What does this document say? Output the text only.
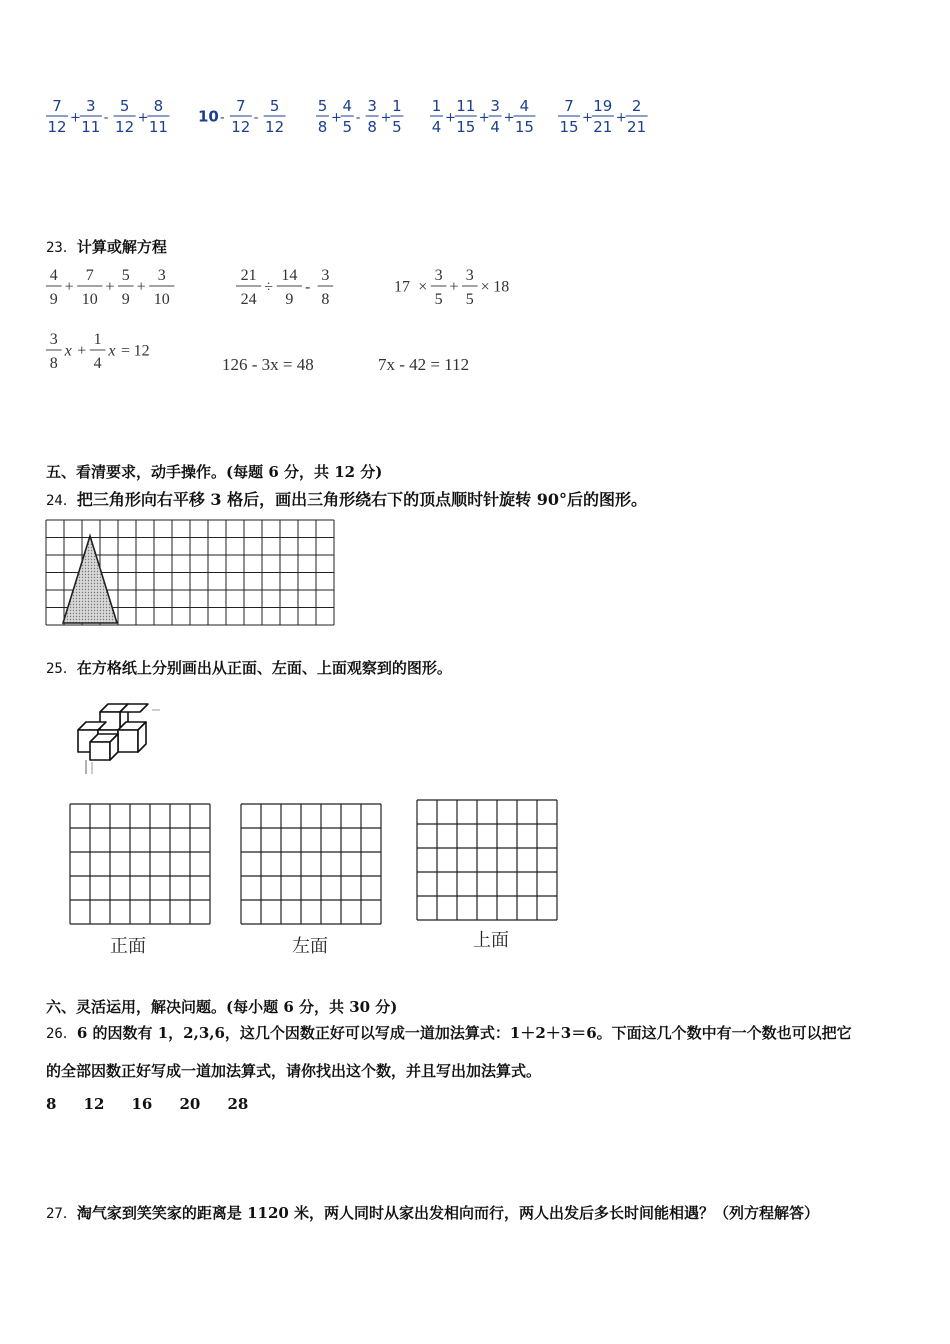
7
12
+
3
11
-
5
12
+
8
11
10 -
7
12
-
5
12
5
8
+
4
5
-
3
8
+
1
5
1
4
+
11
15
+
3
4
+
4
15
7
15
+
19
21
+
2
21
23．计算或解方程
4
9
+
7
10
+
5
9
+
3
10
21
24
÷
14
9
-
3
8
17 ×
3
5
+
3
5
× 18
3
8
x +
1
4
x = 12
126 - 3x = 48	7x - 42 = 112
五、看清要求，动手操作。(每题 6 分，共 12 分)
24．把三角形向右平移 3 格后，画出三角形绕右下的顶点顺时针旋转 90°后的图形。
25．在方格纸上分别画出从正面、左面、上面观察到的图形。
正面	左面	上面
六、灵活运用，解决问题。(每小题 6 分，共 30 分)
26．6 的因数有 1，2,3,6，这几个因数正好可以写成一道加法算式：1＋2＋3＝6。下面这几个数中有一个数也可以把它
的全部因数正好写成一道加法算式，请你找出这个数，并且写出加法算式。
8 12 16 20 28
27．淘气家到笑笑家的距离是 1120 米，两人同时从家出发相向而行，两人出发后多长时间能相遇？（列方程解答）
